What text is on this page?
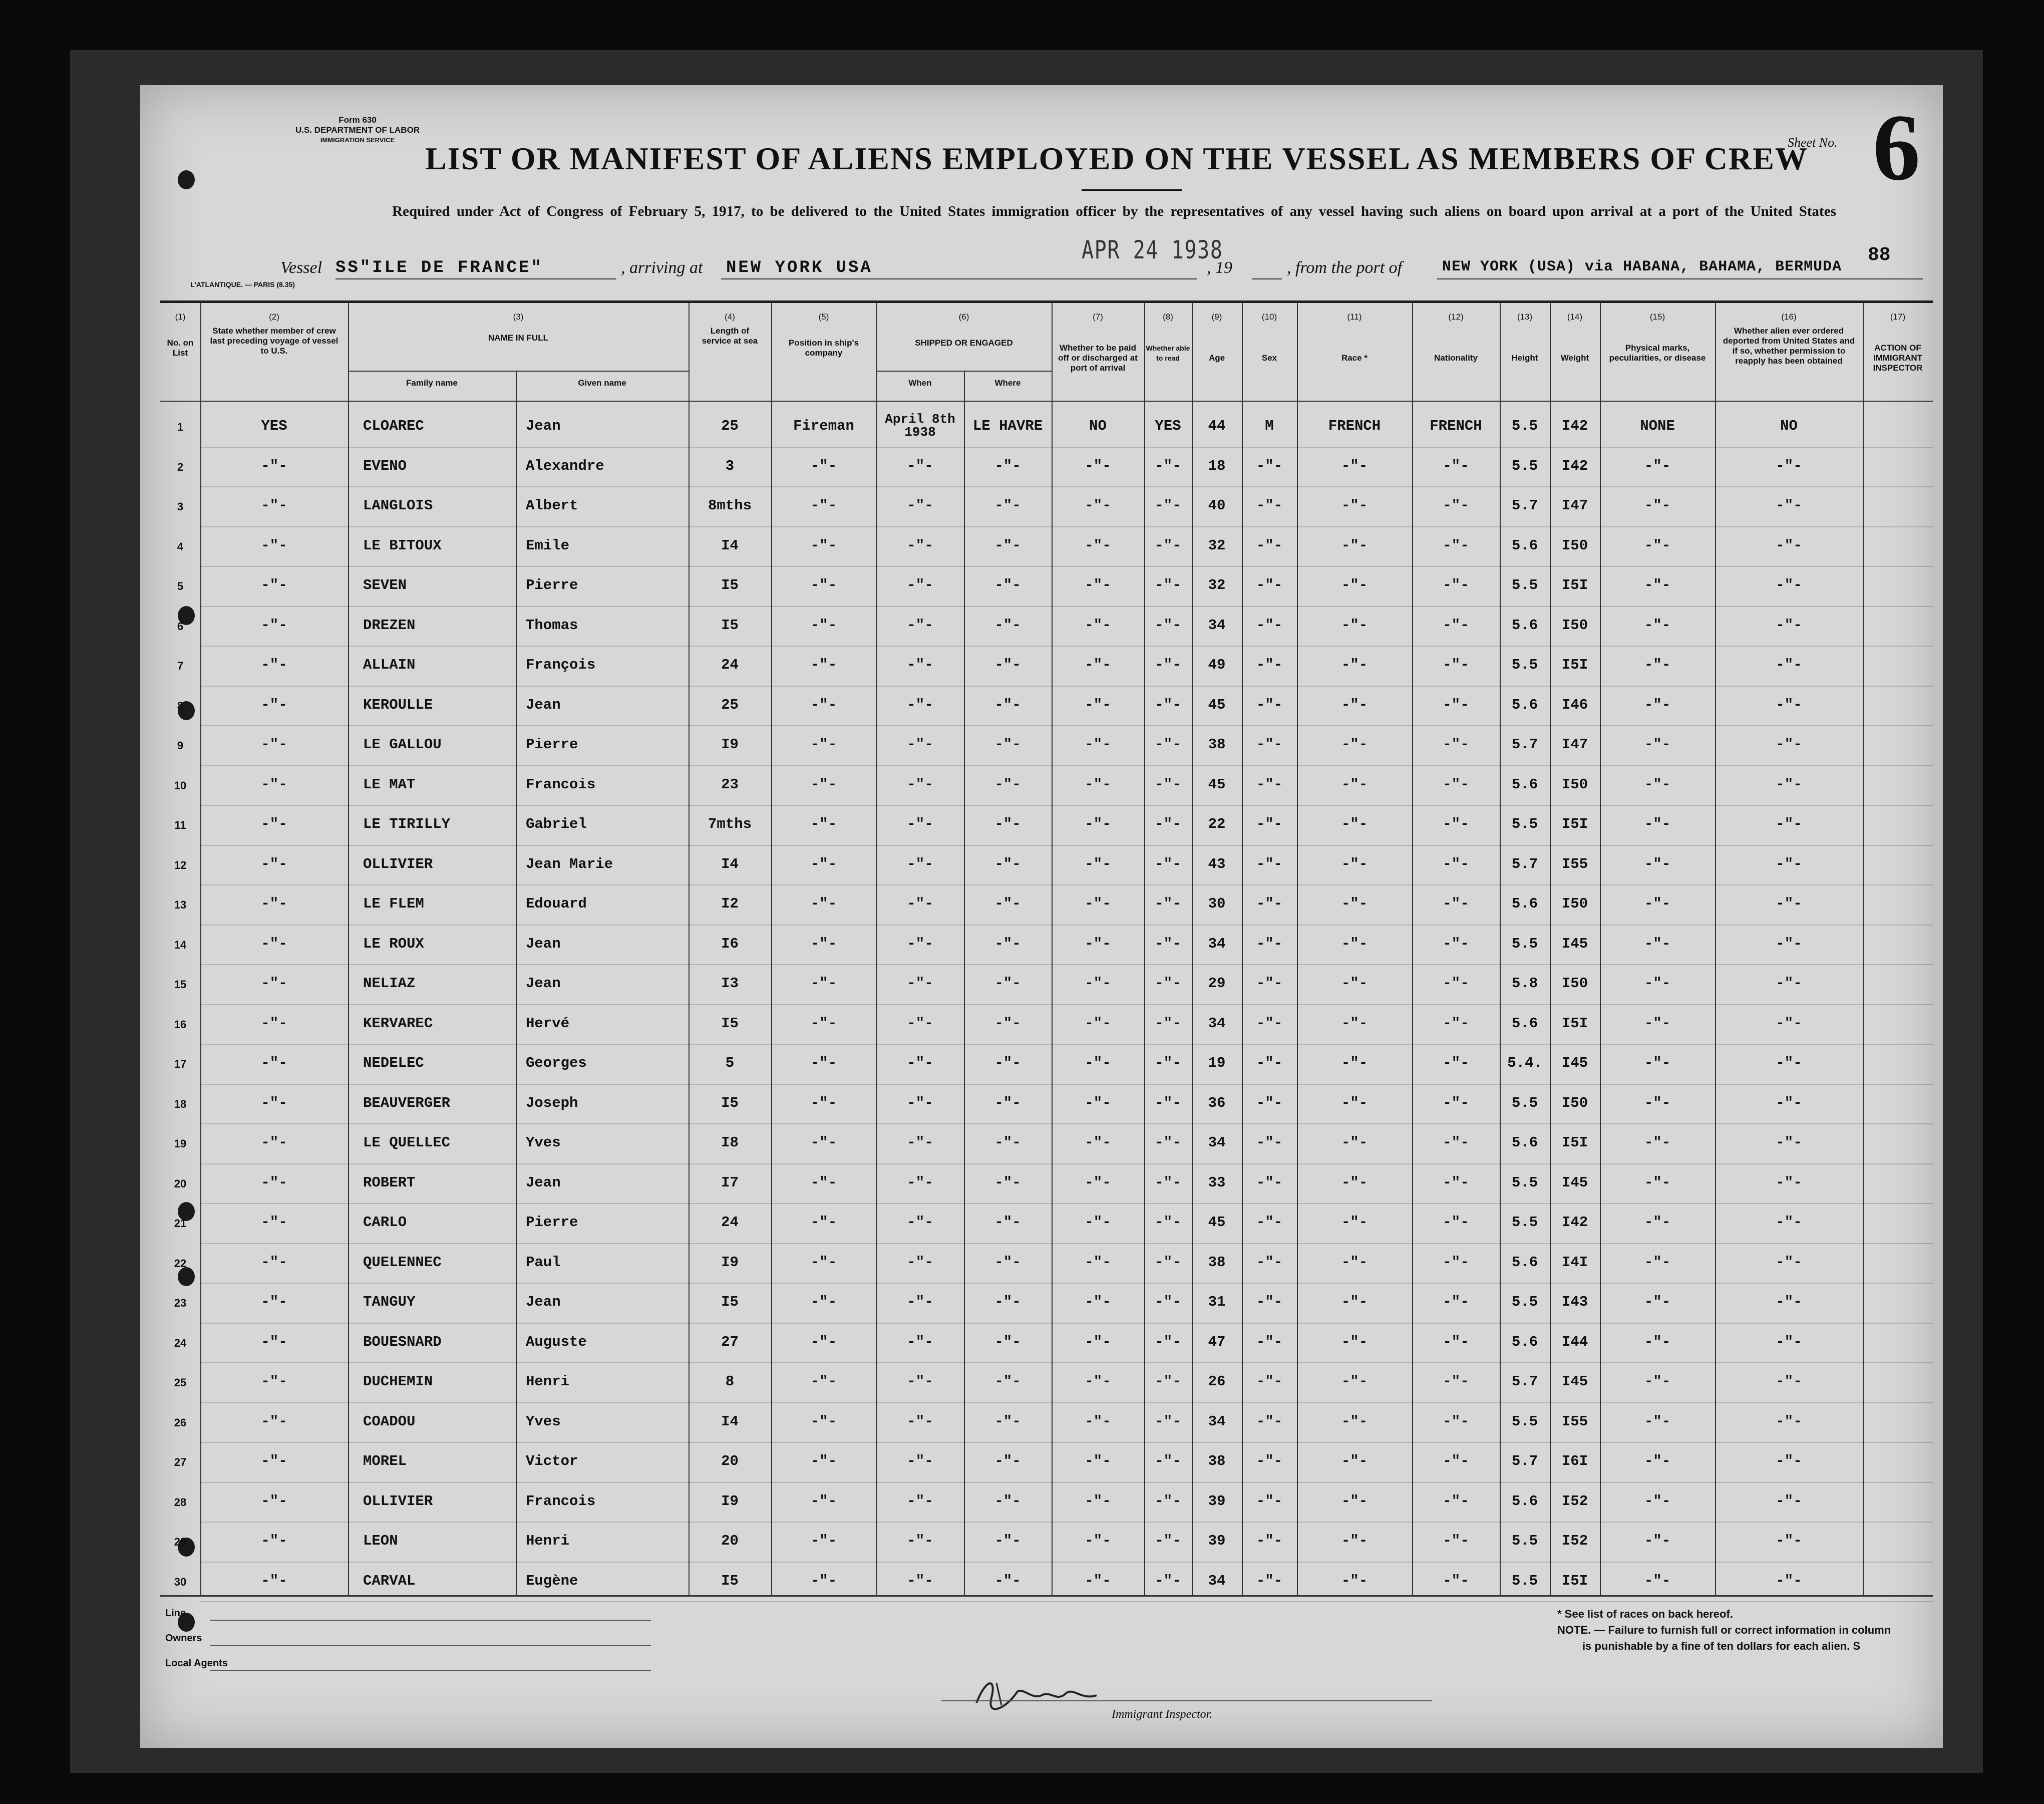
Form 630
U.S. DEPARTMENT OF LABOR
IMMIGRATION SERVICE	Sheet No. 6
LIST OR MANIFEST OF ALIENS EMPLOYED ON THE VESSEL AS MEMBERS OF CREW
Required under Act of Congress of February 5, 1917, to be delivered to the United States immigration officer by the representatives of any vessel having such aliens on board upon arrival at a port of the United States
APR 24 1938	88
Vessel SS"ILE DE FRANCE"	, arriving at NEW YORK USA	, 19	, from the port of	NEW YORK (USA) via HABANA, BAHAMA, BERMUDA
L'ATLANTIQUE. — PARIS (8.35)
(1)
No. on List
(2)
State whether member of crew last preceding voyage of vessel to U.S.
(3)
NAME IN FULL
Family name	Given name
(4)
Length of service at sea
(5)
Position in ship's company
(6)
SHIPPED OR ENGAGED
When	Where
(7)
Whether to be paid off or discharged at port of arrival
(8)
Whether able to read
(9)
Age
(10)
Sex
(11)
Race *
(12)
Nationality
(13)
Height
(14)
Weight
(15)
Physical marks, peculiarities, or disease
(16)
Whether alien ever ordered deported from United States and if so, whether permission to reapply has been obtained
(17)
ACTION OF IMMIGRANT INSPECTOR
1	YES	CLOAREC	Jean	25	Fireman	April 8th 1938	LE HAVRE	NO	YES	44	M	FRENCH	FRENCH	5.5	I42	NONE	NO
2	-"-	EVENO	Alexandre	3	-"-	-"-	-"-	-"-	-"-	18	-"-	-"-	-"-	5.5	I42	-"-	-"-
3	-"-	LANGLOIS	Albert	8mths	-"-	-"-	-"-	-"-	-"-	40	-"-	-"-	-"-	5.7	I47	-"-	-"-
4	-"-	LE BITOUX	Emile	I4	-"-	-"-	-"-	-"-	-"-	32	-"-	-"-	-"-	5.6	I50	-"-	-"-
5	-"-	SEVEN	Pierre	I5	-"-	-"-	-"-	-"-	-"-	32	-"-	-"-	-"-	5.5	I5I	-"-	-"-
6	-"-	DREZEN	Thomas	I5	-"-	-"-	-"-	-"-	-"-	34	-"-	-"-	-"-	5.6	I50	-"-	-"-
7	-"-	ALLAIN	François	24	-"-	-"-	-"-	-"-	-"-	49	-"-	-"-	-"-	5.5	I5I	-"-	-"-
8	-"-	KEROULLE	Jean	25	-"-	-"-	-"-	-"-	-"-	45	-"-	-"-	-"-	5.6	I46	-"-	-"-
9	-"-	LE GALLOU	Pierre	I9	-"-	-"-	-"-	-"-	-"-	38	-"-	-"-	-"-	5.7	I47	-"-	-"-
10	-"-	LE MAT	Francois	23	-"-	-"-	-"-	-"-	-"-	45	-"-	-"-	-"-	5.6	I50	-"-	-"-
11	-"-	LE TIRILLY	Gabriel	7mths	-"-	-"-	-"-	-"-	-"-	22	-"-	-"-	-"-	5.5	I5I	-"-	-"-
12	-"-	OLLIVIER	Jean Marie	I4	-"-	-"-	-"-	-"-	-"-	43	-"-	-"-	-"-	5.7	I55	-"-	-"-
13	-"-	LE FLEM	Edouard	I2	-"-	-"-	-"-	-"-	-"-	30	-"-	-"-	-"-	5.6	I50	-"-	-"-
14	-"-	LE ROUX	Jean	I6	-"-	-"-	-"-	-"-	-"-	34	-"-	-"-	-"-	5.5	I45	-"-	-"-
15	-"-	NELIAZ	Jean	I3	-"-	-"-	-"-	-"-	-"-	29	-"-	-"-	-"-	5.8	I50	-"-	-"-
16	-"-	KERVAREC	Hervé	I5	-"-	-"-	-"-	-"-	-"-	34	-"-	-"-	-"-	5.6	I5I	-"-	-"-
17	-"-	NEDELEC	Georges	5	-"-	-"-	-"-	-"-	-"-	19	-"-	-"-	-"-	5.4.	I45	-"-	-"-
18	-"-	BEAUVERGER	Joseph	I5	-"-	-"-	-"-	-"-	-"-	36	-"-	-"-	-"-	5.5	I50	-"-	-"-
19	-"-	LE QUELLEC	Yves	I8	-"-	-"-	-"-	-"-	-"-	34	-"-	-"-	-"-	5.6	I5I	-"-	-"-
20	-"-	ROBERT	Jean	I7	-"-	-"-	-"-	-"-	-"-	33	-"-	-"-	-"-	5.5	I45	-"-	-"-
21	-"-	CARLO	Pierre	24	-"-	-"-	-"-	-"-	-"-	45	-"-	-"-	-"-	5.5	I42	-"-	-"-
22	-"-	QUELENNEC	Paul	I9	-"-	-"-	-"-	-"-	-"-	38	-"-	-"-	-"-	5.6	I4I	-"-	-"-
23	-"-	TANGUY	Jean	I5	-"-	-"-	-"-	-"-	-"-	31	-"-	-"-	-"-	5.5	I43	-"-	-"-
24	-"-	BOUESNARD	Auguste	27	-"-	-"-	-"-	-"-	-"-	47	-"-	-"-	-"-	5.6	I44	-"-	-"-
25	-"-	DUCHEMIN	Henri	8	-"-	-"-	-"-	-"-	-"-	26	-"-	-"-	-"-	5.7	I45	-"-	-"-
26	-"-	COADOU	Yves	I4	-"-	-"-	-"-	-"-	-"-	34	-"-	-"-	-"-	5.5	I55	-"-	-"-
27	-"-	MOREL	Victor	20	-"-	-"-	-"-	-"-	-"-	38	-"-	-"-	-"-	5.7	I6I	-"-	-"-
28	-"-	OLLIVIER	Francois	I9	-"-	-"-	-"-	-"-	-"-	39	-"-	-"-	-"-	5.6	I52	-"-	-"-
29	-"-	LEON	Henri	20	-"-	-"-	-"-	-"-	-"-	39	-"-	-"-	-"-	5.5	I52	-"-	-"-
30	-"-	CARVAL	Eugène	I5	-"-	-"-	-"-	-"-	-"-	34	-"-	-"-	-"-	5.5	I5I	-"-	-"-
Line
Owners
Local Agents
Immigrant Inspector.
* See list of races on back hereof.
NOTE. — Failure to furnish full or correct information in column
is punishable by a fine of ten dollars for each alien. S
